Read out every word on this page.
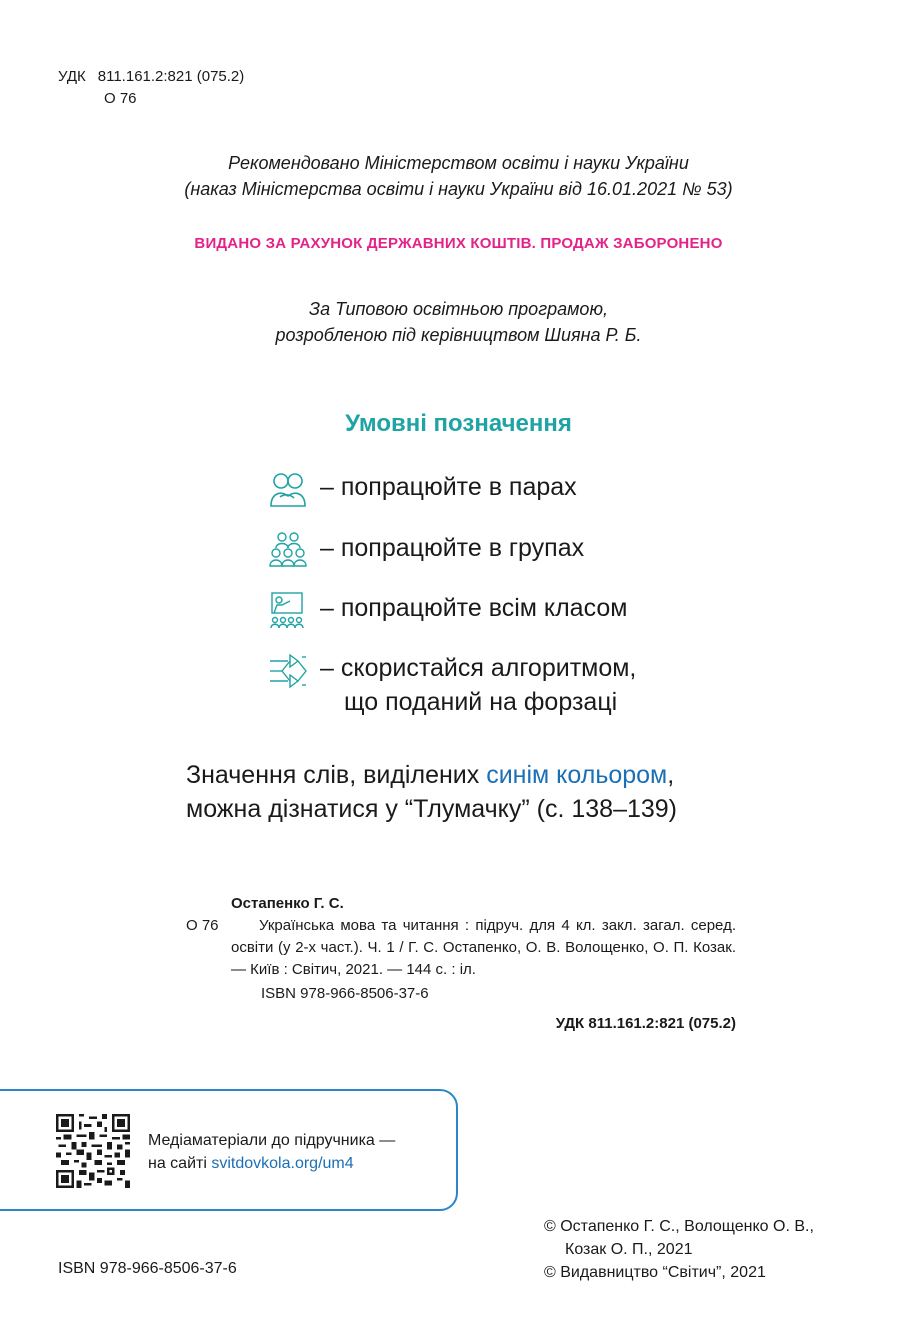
УДК 811.161.2:821 (075.2)
О 76
Рекомендовано Міністерством освіти і науки України
(наказ Міністерства освіти і науки України від 16.01.2021 № 53)
ВИДАНО ЗА РАХУНОК ДЕРЖАВНИХ КОШТІВ. ПРОДАЖ ЗАБОРОНЕНО
За Типовою освітньою програмою,
розробленою під керівництвом Шияна Р. Б.
Умовні позначення
– попрацюйте в парах
– попрацюйте в групах
– попрацюйте всім класом
– скористайся алгоритмом,
що поданий на форзаці
Значення слів, виділених синім кольором,
можна дізнатися у “Тлумачку” (с. 138–139)
Остапенко Г. С.
О 76	Українська мова та читання : підруч. для 4 кл. закл. загал. серед. освіти (у 2-х част.). Ч. 1 / Г. С. Остапенко, О. В. Волощенко, О. П. Козак. — Київ : Світич, 2021. — 144 с. : іл.
ISBN 978-966-8506-37-6
УДК 811.161.2:821 (075.2)
Медіаматеріали до підручника —
на сайті svitdovkola.org/um4
© Остапенко Г. С., Волощенко О. В.,
Козак О. П., 2021
© Видавництво “Світич”, 2021
ISBN 978-966-8506-37-6
